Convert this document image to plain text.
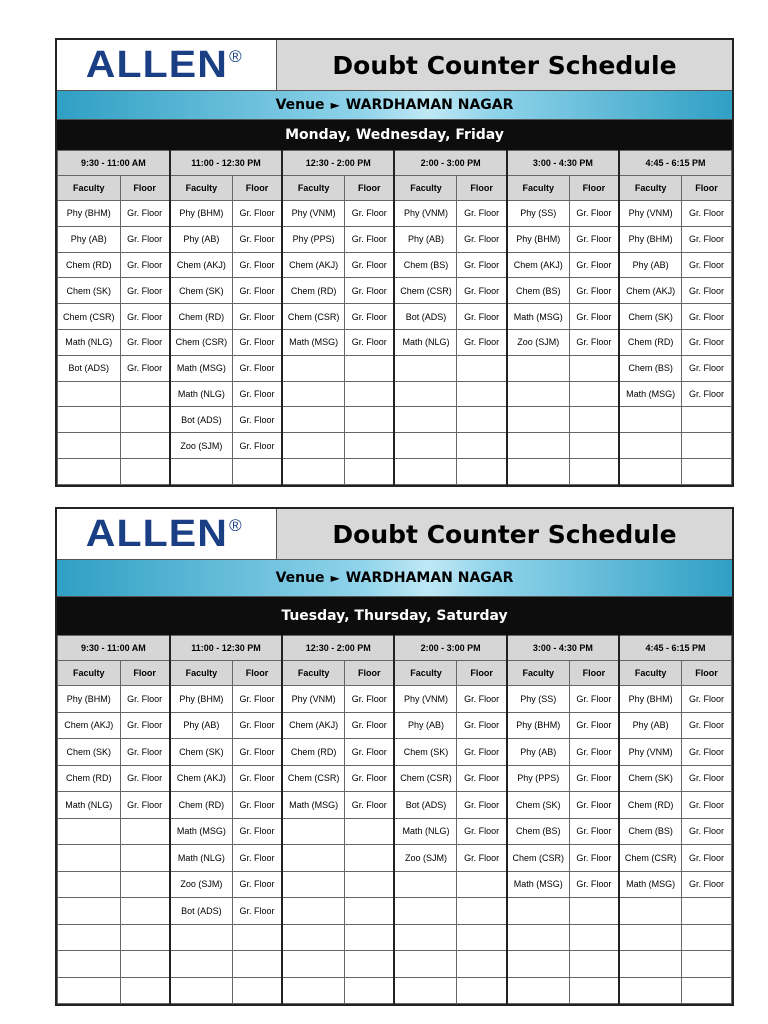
ALLEN ®	Doubt Counter Schedule
Venue ► WARDHAMAN NAGAR
Monday, Wednesday, Friday
9:30 - 11:00 AM		11:00 - 12:30 PM		12:30 - 2:00 PM		2:00 - 3:00 PM		3:00 - 4:30 PM		4:45 - 6:15 PM	
Faculty	Floor	Faculty	Floor	Faculty	Floor	Faculty	Floor	Faculty	Floor	Faculty	Floor
Phy (BHM)	Gr. Floor	Phy (BHM)	Gr. Floor	Phy (VNM)	Gr. Floor	Phy (VNM)	Gr. Floor	Phy (SS)	Gr. Floor	Phy (VNM)	Gr. Floor
Phy (AB)	Gr. Floor	Phy (AB)	Gr. Floor	Phy (PPS)	Gr. Floor	Phy (AB)	Gr. Floor	Phy (BHM)	Gr. Floor	Phy (BHM)	Gr. Floor
Chem (RD)	Gr. Floor	Chem (AKJ)	Gr. Floor	Chem (AKJ)	Gr. Floor	Chem (BS)	Gr. Floor	Chem (AKJ)	Gr. Floor	Phy (AB)	Gr. Floor
Chem (SK)	Gr. Floor	Chem (SK)	Gr. Floor	Chem (RD)	Gr. Floor	Chem (CSR)	Gr. Floor	Chem (BS)	Gr. Floor	Chem (AKJ)	Gr. Floor
Chem (CSR)	Gr. Floor	Chem (RD)	Gr. Floor	Chem (CSR)	Gr. Floor	Bot (ADS)	Gr. Floor	Math (MSG)	Gr. Floor	Chem (SK)	Gr. Floor
Math (NLG)	Gr. Floor	Chem (CSR)	Gr. Floor	Math (MSG)	Gr. Floor	Math (NLG)	Gr. Floor	Zoo (SJM)	Gr. Floor	Chem (RD)	Gr. Floor
Bot (ADS)	Gr. Floor	Math (MSG)	Gr. Floor							Chem (BS)	Gr. Floor
		Math (NLG)	Gr. Floor							Math (MSG)	Gr. Floor
		Bot (ADS)	Gr. Floor								
		Zoo (SJM)	Gr. Floor								

ALLEN ®	Doubt Counter Schedule
Venue ► WARDHAMAN NAGAR
Tuesday, Thursday, Saturday
9:30 - 11:00 AM		11:00 - 12:30 PM		12:30 - 2:00 PM		2:00 - 3:00 PM		3:00 - 4:30 PM		4:45 - 6:15 PM	
Faculty	Floor	Faculty	Floor	Faculty	Floor	Faculty	Floor	Faculty	Floor	Faculty	Floor
Phy (BHM)	Gr. Floor	Phy (BHM)	Gr. Floor	Phy (VNM)	Gr. Floor	Phy (VNM)	Gr. Floor	Phy (SS)	Gr. Floor	Phy (BHM)	Gr. Floor
Chem (AKJ)	Gr. Floor	Phy (AB)	Gr. Floor	Chem (AKJ)	Gr. Floor	Phy (AB)	Gr. Floor	Phy (BHM)	Gr. Floor	Phy (AB)	Gr. Floor
Chem (SK)	Gr. Floor	Chem (SK)	Gr. Floor	Chem (RD)	Gr. Floor	Chem (SK)	Gr. Floor	Phy (AB)	Gr. Floor	Phy (VNM)	Gr. Floor
Chem (RD)	Gr. Floor	Chem (AKJ)	Gr. Floor	Chem (CSR)	Gr. Floor	Chem (CSR)	Gr. Floor	Phy (PPS)	Gr. Floor	Chem (SK)	Gr. Floor
Math (NLG)	Gr. Floor	Chem (RD)	Gr. Floor	Math (MSG)	Gr. Floor	Bot (ADS)	Gr. Floor	Chem (SK)	Gr. Floor	Chem (RD)	Gr. Floor
		Math (MSG)	Gr. Floor			Math (NLG)	Gr. Floor	Chem (BS)	Gr. Floor	Chem (BS)	Gr. Floor
		Math (NLG)	Gr. Floor			Zoo (SJM)	Gr. Floor	Chem (CSR)	Gr. Floor	Chem (CSR)	Gr. Floor
		Zoo (SJM)	Gr. Floor					Math (MSG)	Gr. Floor	Math (MSG)	Gr. Floor
		Bot (ADS)	Gr. Floor								
